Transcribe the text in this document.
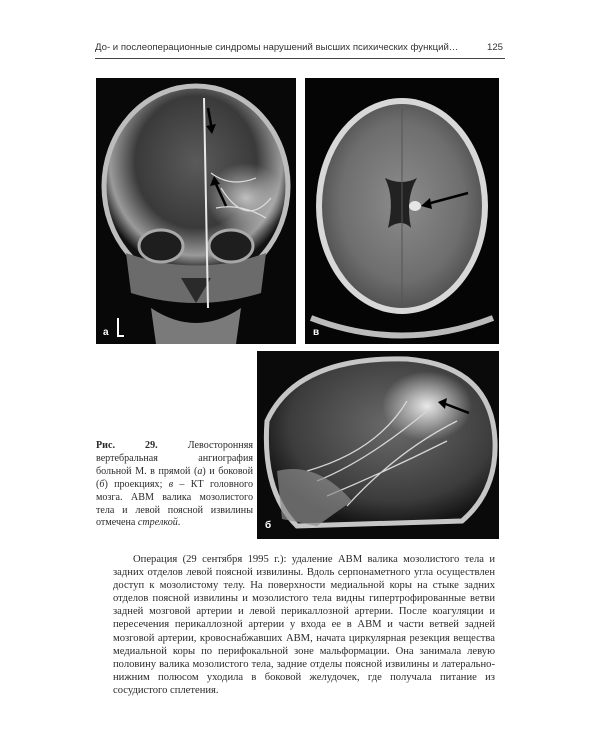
До- и послеоперационные синдромы нарушений высших психических функций…	125
а	в
б
Рис. 29. Левосторонняя вертебральная ангиография больной М. в прямой (а) и боковой (б) проекциях; в – КТ головного мозга. АВМ валика мозолистого тела и левой поясной извилины отмечена стрелкой.

Операция (29 сентября 1995 г.): удаление АВМ валика мозолистого тела и задних отделов левой поясной извилины. Вдоль серпонаметного угла осуществлен доступ к мозолистому телу. На поверхности медиальной коры на стыке задних отделов поясной извилины и мозолистого тела видны гипертрофированные ветви задней мозговой артерии и левой перикаллозной артерии. После коагуляции и пересечения перикаллозной артерии у входа ее в АВМ и части ветвей задней мозговой артерии, кровоснабжавших АВМ, начата циркулярная резекция вещества медиальной коры по перифокальной зоне мальформации. Она занимала левую половину валика мозолистого тела, задние отделы поясной извилины и латерально-нижним полюсом уходила в боковой желудочек, где получала питание из сосудистого сплетения.
